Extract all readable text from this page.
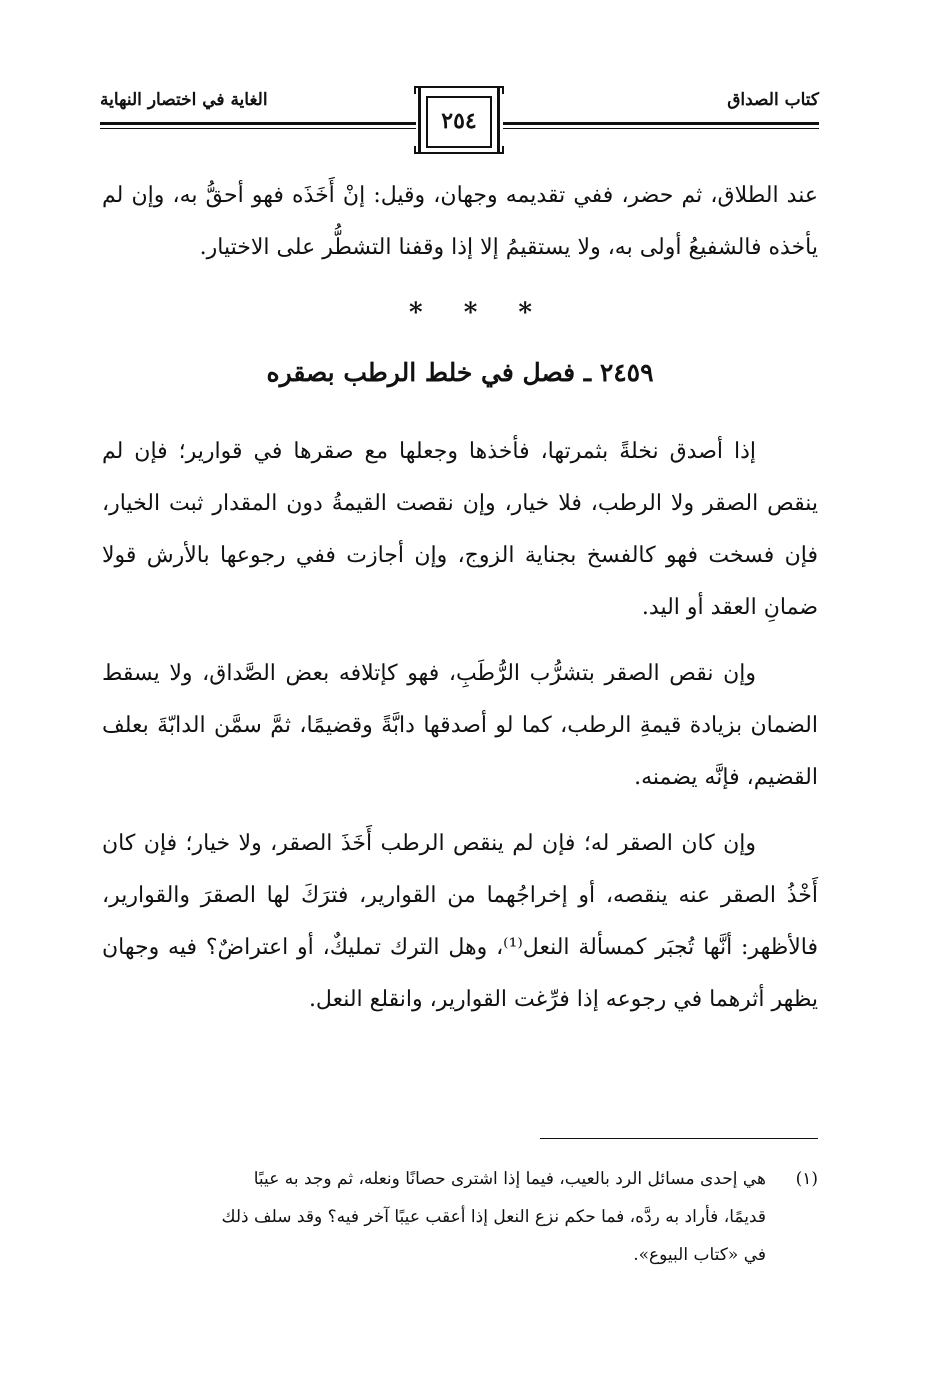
كتاب الصداق
الغاية في اختصار النهاية
٢٥٤

عند الطلاق، ثم حضر، ففي تقديمه وجهان، وقيل: إنْ أَخَذَه فهو أحقُّ به، وإن لم يأخذه فالشفيعُ أولى به، ولا يستقيمُ إلا إذا وقفنا التشطُّر على الاختيار.

* * *
٢٤٥٩ ـ فصل في خلط الرطب بصقره

إذا أصدق نخلةً بثمرتها، فأخذها وجعلها مع صقرها في قوارير؛ فإن لم ينقص الصقر ولا الرطب، فلا خيار، وإن نقصت القيمةُ دون المقدار ثبت الخيار، فإن فسخت فهو كالفسخ بجناية الزوج، وإن أجازت ففي رجوعها بالأرش قولا ضمانِ العقد أو اليد.

وإن نقص الصقر بتشرُّب الرُّطَبِ، فهو كإتلافه بعض الصَّداق، ولا يسقط الضمان بزيادة قيمةِ الرطب، كما لو أصدقها دابَّةً وقضيمًا، ثمَّ سمَّن الدابّةَ بعلف القضيم، فإنَّه يضمنه.

وإن كان الصقر له؛ فإن لم ينقص الرطب أَخَذَ الصقر، ولا خيار؛ فإن كان أَخْذُ الصقر عنه ينقصه، أو إخراجُهما من القوارير، فترَكَ لها الصقرَ والقوارير، فالأظهر: أنَّها تُجبَر كمسألة النعل⁽¹⁾، وهل الترك تمليكٌ، أو اعتراضٌ؟ فيه وجهان يظهر أثرهما في رجوعه إذا فرِّغت القوارير، وانقلع النعل.

(١)هي إحدى مسائل الرد بالعيب، فيما إذا اشترى حصانًا ونعله، ثم وجد به عيبًا
قديمًا، فأراد به ردَّه، فما حكم نزع النعل إذا أعقب عيبًا آخر فيه؟ وقد سلف ذلك
في «كتاب البيوع».
